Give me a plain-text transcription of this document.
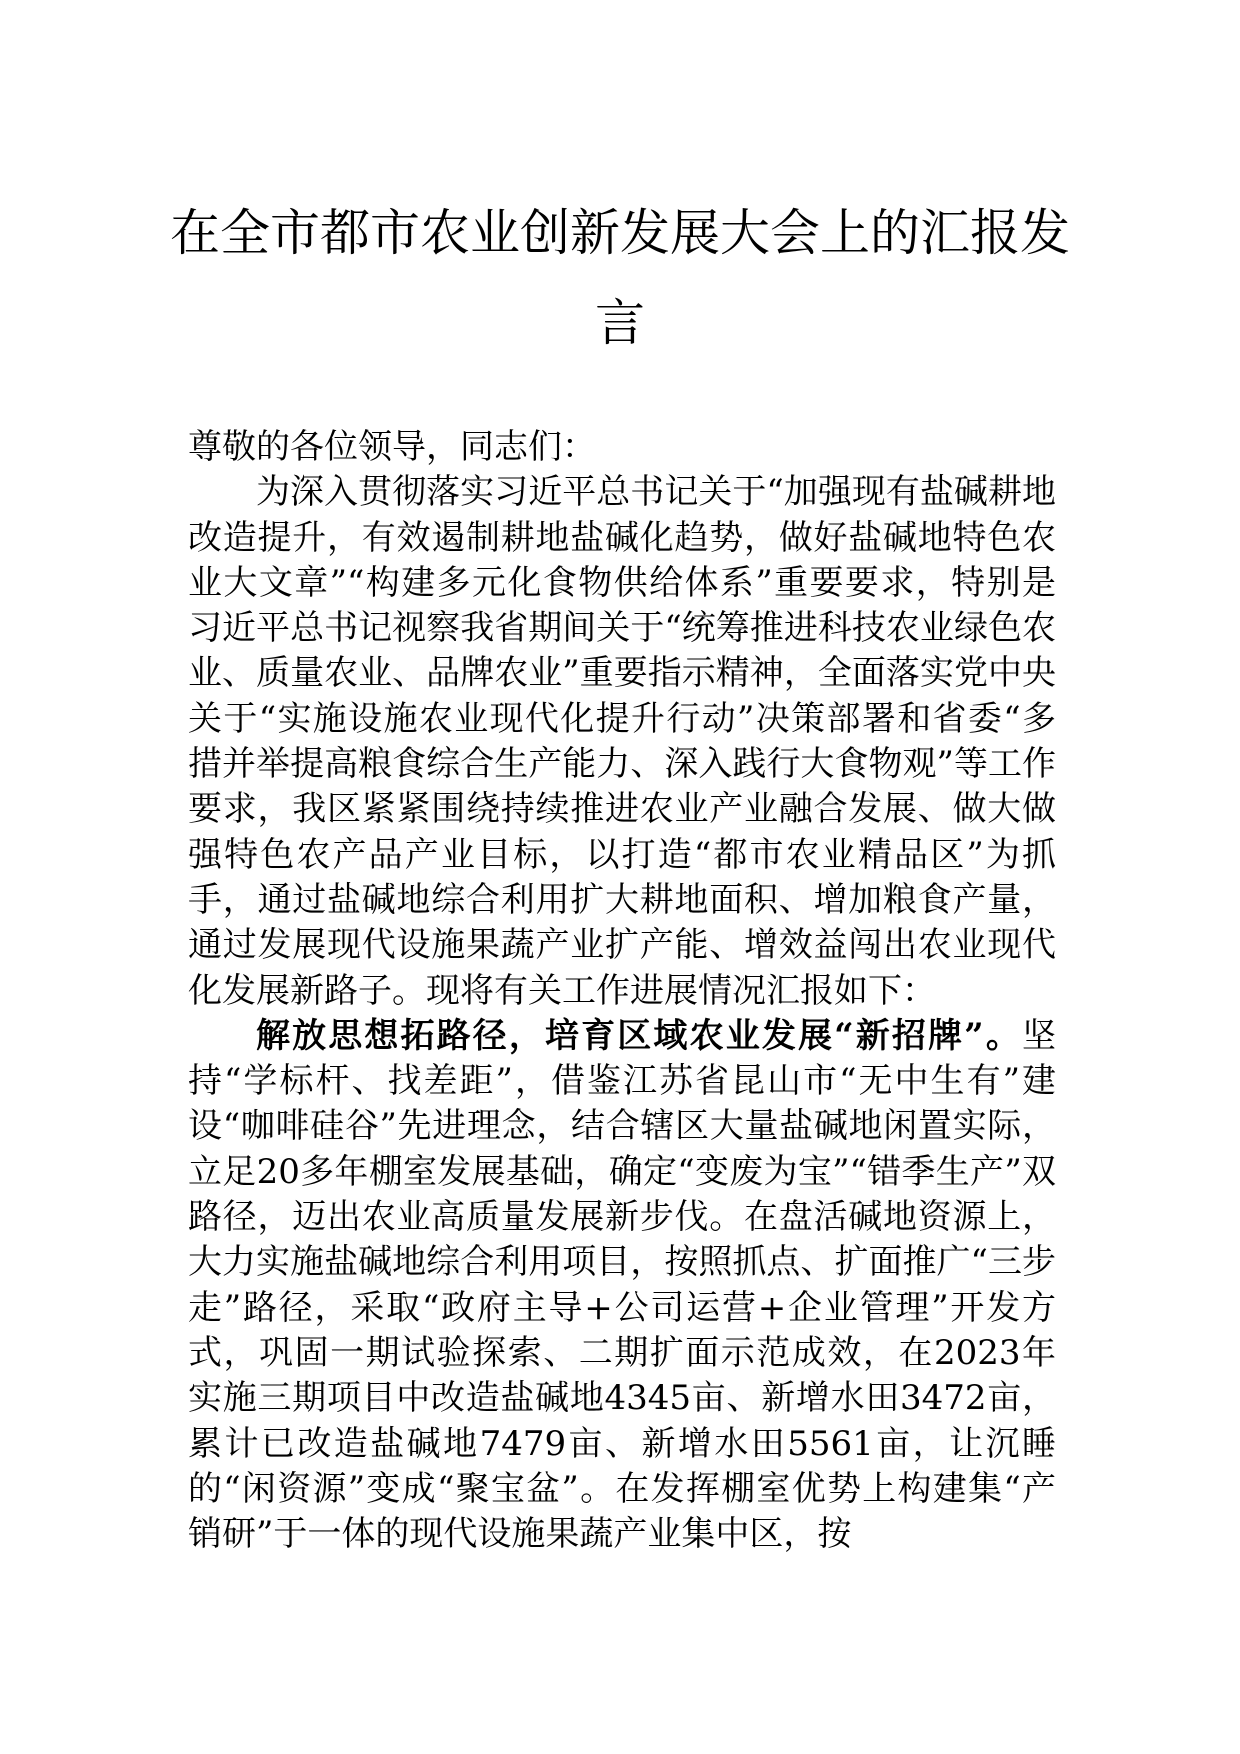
在全市都市农业创新发展大会上的汇报发言

尊敬的各位领导，同志们：

为深入贯彻落实习近平总书记关于“加强现有盐碱耕地改造提升，有效遏制耕地盐碱化趋势，做好盐碱地特色农业大文章”“构建多元化食物供给体系”重要要求，特别是习近平总书记视察我省期间关于“统筹推进科技农业绿色农业、质量农业、品牌农业”重要指示精神，全面落实党中央关于“实施设施农业现代化提升行动”决策部署和省委“多措并举提高粮食综合生产能力、深入践行大食物观”等工作要求，我区紧紧围绕持续推进农业产业融合发展、做大做强特色农产品产业目标，以打造“都市农业精品区”为抓手，通过盐碱地综合利用扩大耕地面积、增加粮食产量，通过发展现代设施果蔬产业扩产能、增效益闯出农业现代化发展新路子。现将有关工作进展情况汇报如下：

解放思想拓路径，培育区域农业发展“新招牌”。坚持“学标杆、找差距”，借鉴江苏省昆山市“无中生有”建设“咖啡硅谷”先进理念，结合辖区大量盐碱地闲置实际，立足20多年棚室发展基础，确定“变废为宝”“错季生产”双路径，迈出农业高质量发展新步伐。在盘活碱地资源上，大力实施盐碱地综合利用项目，按照抓点、扩面推广“三步走”路径，采取“政府主导+公司运营+企业管理”开发方式，巩固一期试验探索、二期扩面示范成效，在2023年实施三期项目中改造盐碱地4345亩、新增水田3472亩，累计已改造盐碱地7479亩、新增水田5561亩，让沉睡的“闲资源”变成“聚宝盆”。在发挥棚室优势上构建集“产销研”于一体的现代设施果蔬产业集中区，按
